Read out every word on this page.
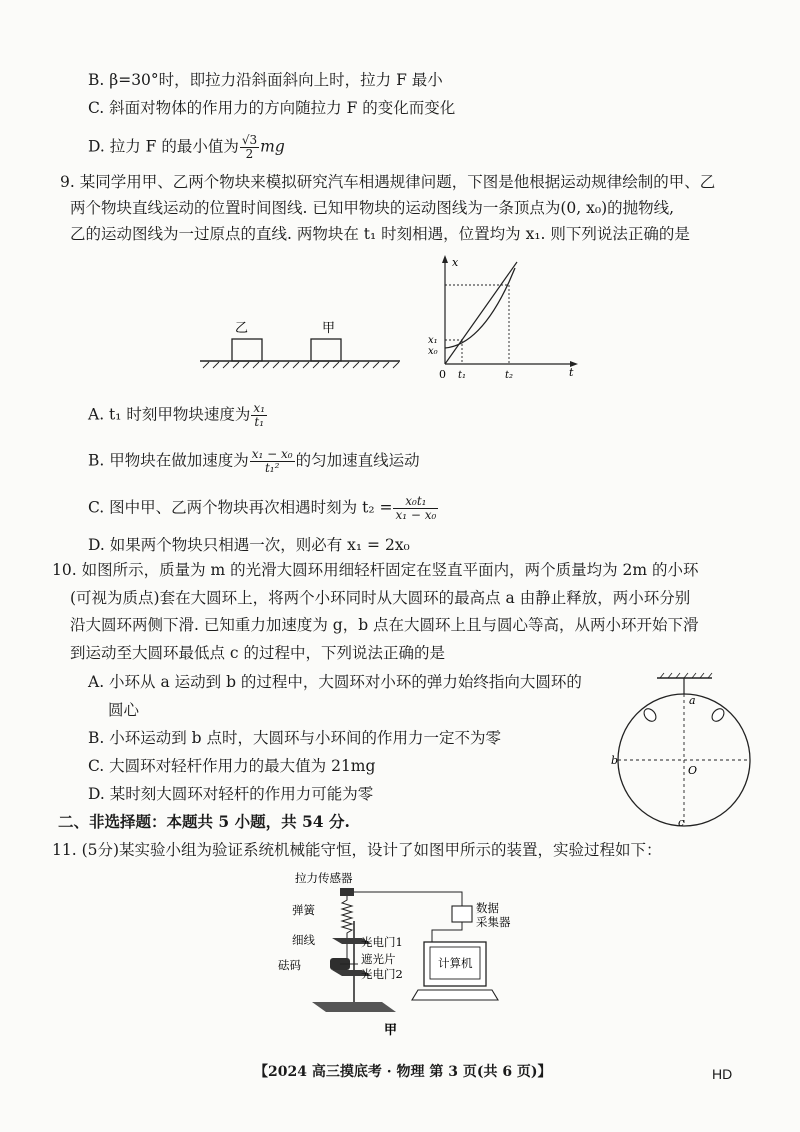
B. β=30°时，即拉力沿斜面斜向上时，拉力 F 最小
C. 斜面对物体的作用力的方向随拉力 F 的变化而变化
D. 拉力 F 的最小值为 $\frac{√3}{2}$ mg
9. 某同学用甲、乙两个物块来模拟研究汽车相遇规律问题，下图是他根据运动规律绘制的甲、乙
两个物块直线运动的位置时间图线. 已知甲物块的运动图线为一条顶点为(0, x₀)的抛物线,
乙的运动图线为一过原点的直线. 两物块在 t₁ 时刻相遇，位置均为 x₁. 则下列说法正确的是
乙	甲
x
t
0
x₁
x₀
t₁	t₂
A. t₁ 时刻甲物块速度为 $\frac{\text{x₁}}{\text{t₁}}$
B. 甲物块在做加速度为 $\frac{\text{x₁ − x₀}}{\text{t₁²}}$ 的匀加速直线运动
C. 图中甲、乙两个物块再次相遇时刻为 $t_2 = \frac{\text{x₀t₁}}{\text{x₁ − x₀}}$
D. 如果两个物块只相遇一次，则必有 x₁ = 2x₀
10. 如图所示，质量为 m 的光滑大圆环用细轻杆固定在竖直平面内，两个质量均为 2m 的小环
(可视为质点)套在大圆环上，将两个小环同时从大圆环的最高点 a 由静止释放，两小环分别
沿大圆环两侧下滑. 已知重力加速度为 g，b 点在大圆环上且与圆心等高，从两小环开始下滑
到运动至大圆环最低点 c 的过程中，下列说法正确的是
A. 小环从 a 运动到 b 的过程中，大圆环对小环的弹力始终指向大圆环的
圆心
B. 小环运动到 b 点时，大圆环与小环间的作用力一定不为零
C. 大圆环对轻杆作用力的最大值为 21mg
D. 某时刻大圆环对轻杆的作用力可能为零
a
b
O
c
二、非选择题：本题共 5 小题，共 54 分.
11. (5分)某实验小组为验证系统机械能守恒，设计了如图甲所示的装置，实验过程如下：
拉力传感器
弹簧
细线	光电门1
砝码	遮光片
光电门2
数据
采集器
计算机
甲
【2024 高三摸底考 · 物理 第 3 页(共 6 页)】	HD
